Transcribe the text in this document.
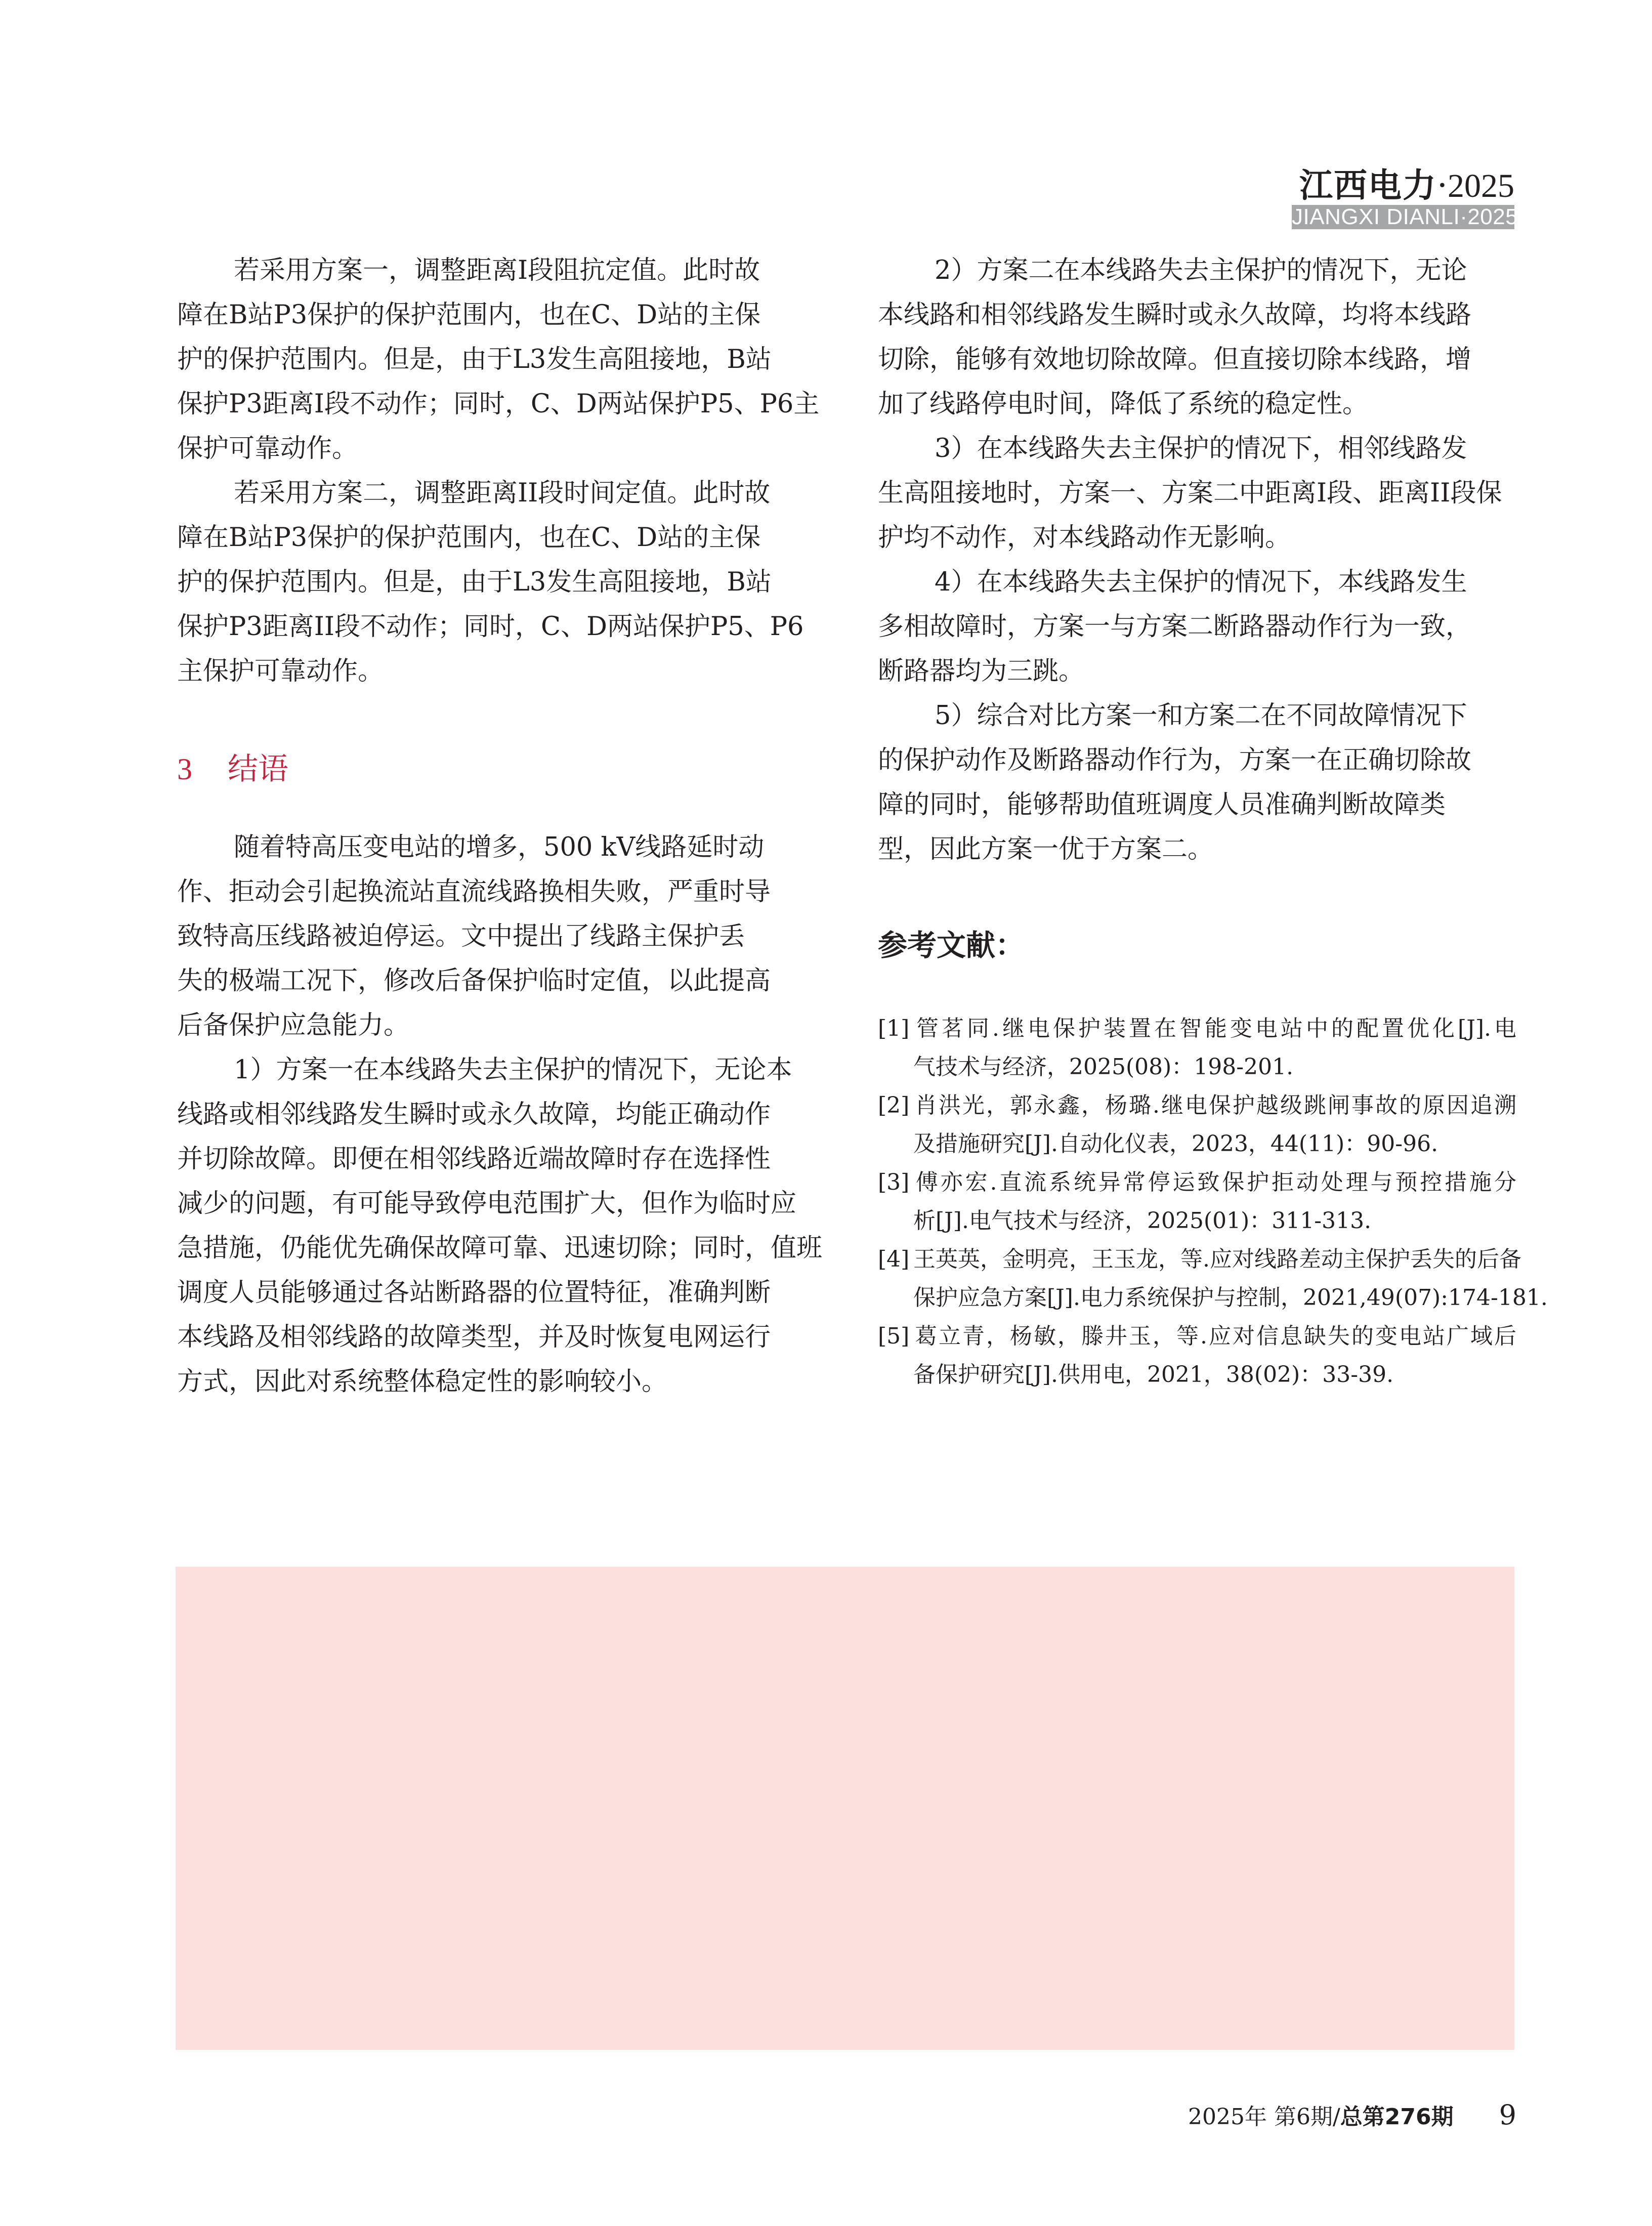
江西电力·2025
JIANGXI DIANLI·2025
若采用方案一，调整距离I段阻抗定值。此时故
障在B站P3保护的保护范围内，也在C、D站的主保
护的保护范围内。但是，由于L3发生高阻接地，B站
保护P3距离I段不动作；同时，C、D两站保护P5、P6主
保护可靠动作。
若采用方案二，调整距离II段时间定值。此时故
障在B站P3保护的保护范围内，也在C、D站的主保
护的保护范围内。但是，由于L3发生高阻接地，B站
保护P3距离II段不动作；同时，C、D两站保护P5、P6
主保护可靠动作。
3 结语
随着特高压变电站的增多，500 kV线路延时动
作、拒动会引起换流站直流线路换相失败，严重时导
致特高压线路被迫停运。文中提出了线路主保护丢
失的极端工况下，修改后备保护临时定值，以此提高
后备保护应急能力。
1）方案一在本线路失去主保护的情况下，无论本
线路或相邻线路发生瞬时或永久故障，均能正确动作
并切除故障。即便在相邻线路近端故障时存在选择性
减少的问题，有可能导致停电范围扩大，但作为临时应
急措施，仍能优先确保故障可靠、迅速切除；同时，值班
调度人员能够通过各站断路器的位置特征，准确判断
本线路及相邻线路的故障类型，并及时恢复电网运行
方式，因此对系统整体稳定性的影响较小。
2）方案二在本线路失去主保护的情况下，无论
本线路和相邻线路发生瞬时或永久故障，均将本线路
切除，能够有效地切除故障。但直接切除本线路，增
加了线路停电时间，降低了系统的稳定性。
3）在本线路失去主保护的情况下，相邻线路发
生高阻接地时，方案一、方案二中距离I段、距离II段保
护均不动作，对本线路动作无影响。
4）在本线路失去主保护的情况下，本线路发生
多相故障时，方案一与方案二断路器动作行为一致，
断路器均为三跳。
5）综合对比方案一和方案二在不同故障情况下
的保护动作及断路器动作行为，方案一在正确切除故
障的同时，能够帮助值班调度人员准确判断故障类
型，因此方案一优于方案二。
参考文献：
[1] 管茗同.继电保护装置在智能变电站中的配置优化[J].电
气技术与经济，2025(08)：198-201.
[2] 肖洪光，郭永鑫，杨璐.继电保护越级跳闸事故的原因追溯
及措施研究[J].自动化仪表，2023，44(11)：90-96.
[3] 傅亦宏.直流系统异常停运致保护拒动处理与预控措施分
析[J].电气技术与经济，2025(01)：311-313.
[4] 王英英，金明亮，王玉龙，等.应对线路差动主保护丢失的后备
保护应急方案[J].电力系统保护与控制，2021,49(07):174-181.
[5] 葛立青，杨敏，滕井玉，等.应对信息缺失的变电站广域后
备保护研究[J].供用电，2021，38(02)：33-39.
2025年 第6期/总第276期 9
